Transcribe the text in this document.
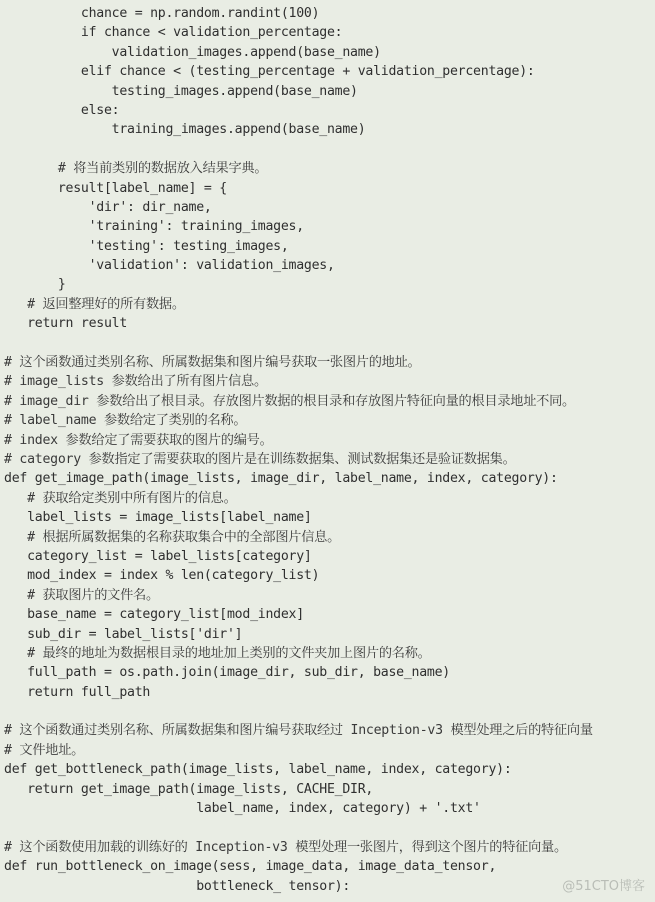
chance = np.random.randint(100)
if chance < validation_percentage:
validation_images.append(base_name)
elif chance < (testing_percentage + validation_percentage):
testing_images.append(base_name)
else:
training_images.append(base_name)
# 将当前类别的数据放入结果字典。
result[label_name] = {
'dir': dir_name,
'training': training_images,
'testing': testing_images,
'validation': validation_images,
}
# 返回整理好的所有数据。
return result
# 这个函数通过类别名称、所属数据集和图片编号获取一张图片的地址。
# image_lists 参数给出了所有图片信息。
# image_dir 参数给出了根目录。存放图片数据的根目录和存放图片特征向量的根目录地址不同。
# label_name 参数给定了类别的名称。
# index 参数给定了需要获取的图片的编号。
# category 参数指定了需要获取的图片是在训练数据集、测试数据集还是验证数据集。
def get_image_path(image_lists, image_dir, label_name, index, category):
# 获取给定类别中所有图片的信息。
label_lists = image_lists[label_name]
# 根据所属数据集的名称获取集合中的全部图片信息。
category_list = label_lists[category]
mod_index = index % len(category_list)
# 获取图片的文件名。
base_name = category_list[mod_index]
sub_dir = label_lists['dir']
# 最终的地址为数据根目录的地址加上类别的文件夹加上图片的名称。
full_path = os.path.join(image_dir, sub_dir, base_name)
return full_path
# 这个函数通过类别名称、所属数据集和图片编号获取经过 Inception-v3 模型处理之后的特征向量
# 文件地址。
def get_bottleneck_path(image_lists, label_name, index, category):
return get_image_path(image_lists, CACHE_DIR,
label_name, index, category) + '.txt'
# 这个函数使用加载的训练好的 Inception-v3 模型处理一张图片，得到这个图片的特征向量。
def run_bottleneck_on_image(sess, image_data, image_data_tensor,
bottleneck_ tensor):	@51CTO博客
